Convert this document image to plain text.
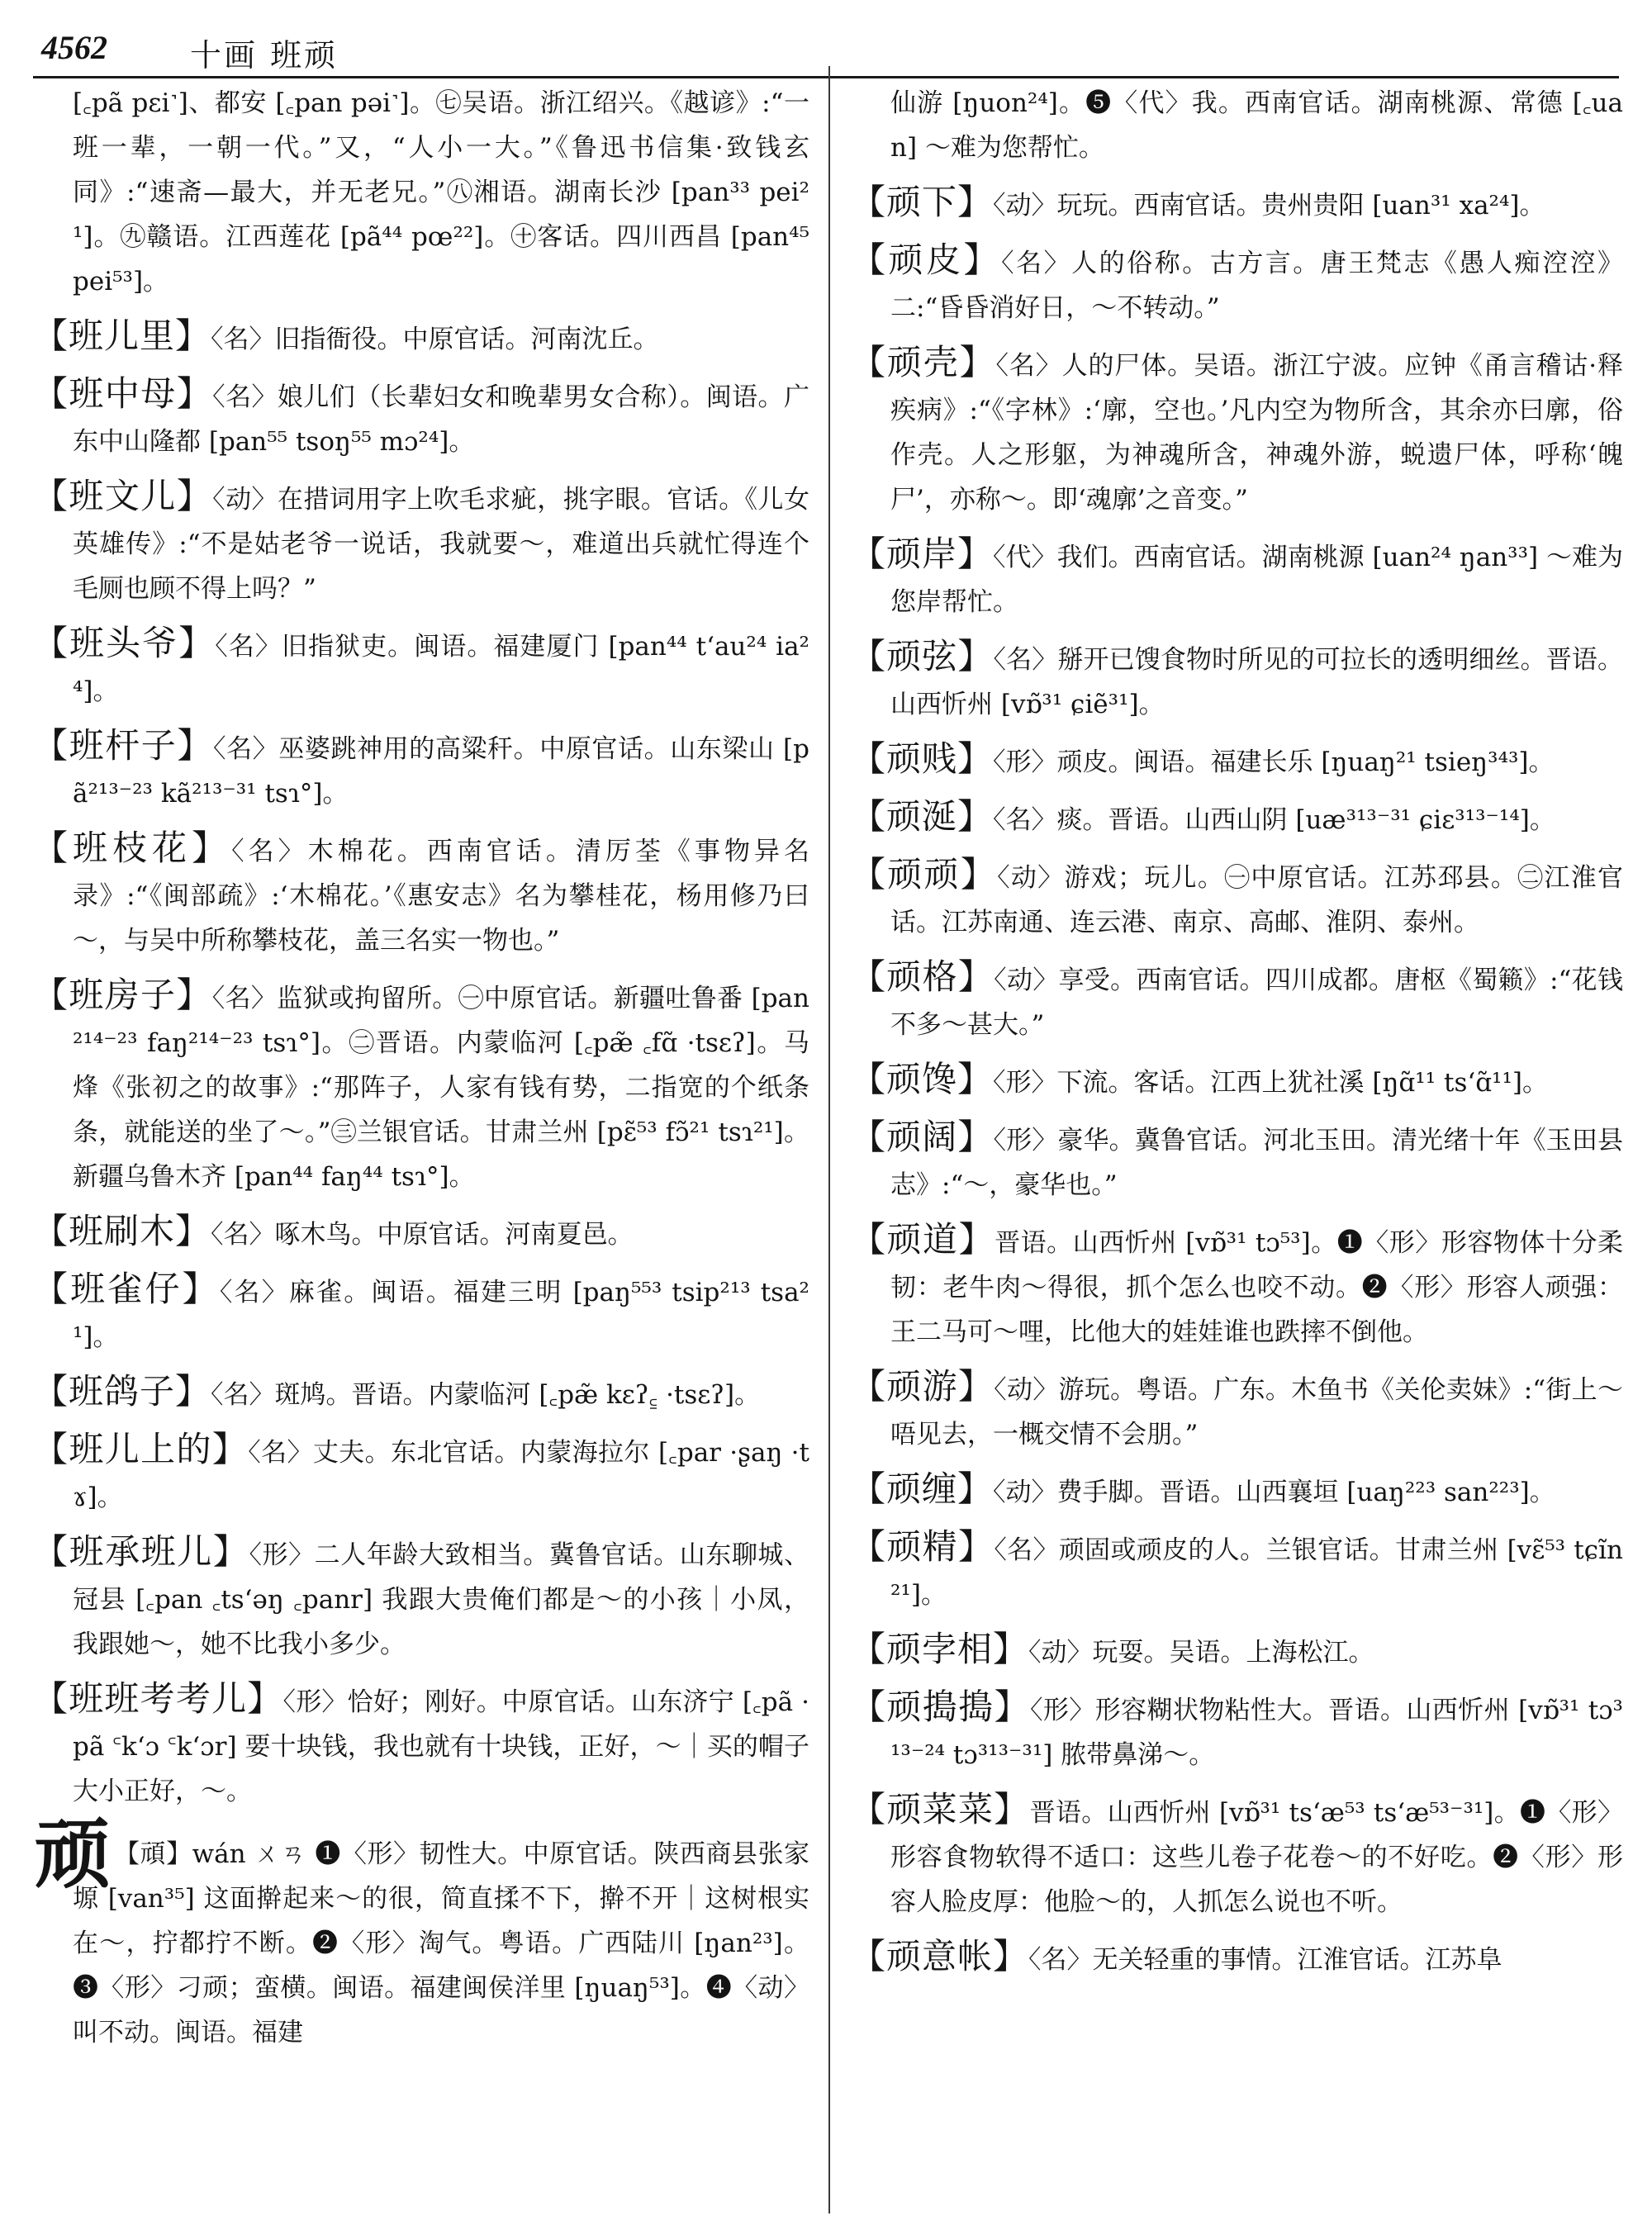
4562	十画 班顽
[꜀pã pɛi˺]、都安 [꜀pan pəi˺]。㊆吴语。浙江绍兴。《越谚》:“一班一辈，一朝一代。”又，“人小一大。”《鲁迅书信集·致钱玄同》:“速斋—最大，并无老兄。”㊇湘语。湖南长沙 [pan³³ pei²¹]。㊈赣语。江西莲花 [pã⁴⁴ pœ²²]。㊉客话。四川西昌 [pan⁴⁵ pei⁵³]。
【班儿里】〈名〉旧指衙役。中原官话。河南沈丘。
【班中母】〈名〉娘儿们（长辈妇女和晚辈男女合称）。闽语。广东中山隆都 [pan⁵⁵ tsoŋ⁵⁵ mɔ²⁴]。
【班文儿】〈动〉在措词用字上吹毛求疵，挑字眼。官话。《儿女英雄传》:“不是姑老爷一说话，我就要～，难道出兵就忙得连个毛厕也顾不得上吗？”
【班头爷】〈名〉旧指狱吏。闽语。福建厦门 [pan⁴⁴ tʻau²⁴ ia²⁴]。
【班杆子】〈名〉巫婆跳神用的高粱秆。中原官话。山东梁山 [pã²¹³⁻²³ kã²¹³⁻³¹ tsɿ°]。
【班枝花】〈名〉木棉花。西南官话。清厉荃《事物异名录》:“《闽部疏》:‘木棉花。’《惠安志》名为攀桂花，杨用修乃曰～，与吴中所称攀枝花，盖三名实一物也。”
【班房子】〈名〉监狱或拘留所。㊀中原官话。新疆吐鲁番 [pan²¹⁴⁻²³ faŋ²¹⁴⁻²³ tsɿ°]。㊁晋语。内蒙临河 [꜀pæ̃ ꜀fɑ̃ ·tsɛʔ]。马烽《张初之的故事》:“那阵子，人家有钱有势，二指宽的个纸条条，就能送的坐了～。”㊂兰银官话。甘肃兰州 [pɛ̃⁵³ fɔ̃²¹ tsɿ²¹]。新疆乌鲁木齐 [pan⁴⁴ faŋ⁴⁴ tsɿ°]。
【班刷木】〈名〉啄木鸟。中原官话。河南夏邑。
【班雀仔】〈名〉麻雀。闽语。福建三明 [paŋ⁵⁵³ tsip²¹³ tsa²¹]。
【班鸽子】〈名〉斑鸠。晋语。内蒙临河 [꜀pæ̃ kɛʔ꜁ ·tsɛʔ]。
【班儿上的】〈名〉丈夫。东北官话。内蒙海拉尔 [꜀par ·ʂaŋ ·tɤ]。
【班承班儿】〈形〉二人年龄大致相当。冀鲁官话。山东聊城、冠县 [꜀pan ꜀tsʻəŋ ꜀panr] 我跟大贵俺们都是～的小孩｜小凤，我跟她～，她不比我小多少。
【班班考考儿】〈形〉恰好；刚好。中原官话。山东济宁 [꜀pã ·pã ꜂kʻɔ ꜂kʻɔr] 要十块钱，我也就有十块钱，正好，～｜买的帽子大小正好，～。
顽 【頑】wán ㄨㄢ ❶〈形〉韧性大。中原官话。陕西商县张家塬 [van³⁵] 这面擀起来～的很，简直揉不下，擀不开｜这树根实在～，拧都拧不断。❷〈形〉淘气。粤语。广西陆川 [ŋan²³]。❸〈形〉刁顽；蛮横。闽语。福建闽侯洋里 [ŋuaŋ⁵³]。❹〈动〉叫不动。闽语。福建
仙游 [ŋuon²⁴]。❺〈代〉我。西南官话。湖南桃源、常德 [꜀uan] ～难为您帮忙。
【顽下】〈动〉玩玩。西南官话。贵州贵阳 [uan³¹ xa²⁴]。
【顽皮】〈名〉人的俗称。古方言。唐王梵志《愚人痴涳涳》二:“昏昏消好日，～不转动。”
【顽壳】〈名〉人的尸体。吴语。浙江宁波。应钟《甬言稽诂·释疾病》:“《字林》:‘廓，空也。’凡内空为物所含，其余亦曰廓，俗作壳。人之形躯，为神魂所含，神魂外游，蜕遗尸体，呼称‘魄尸’，亦称～。即‘魂廓’之音变。”
【顽岸】〈代〉我们。西南官话。湖南桃源 [uan²⁴ ŋan³³] ～难为您岸帮忙。
【顽弦】〈名〉掰开已馊食物时所见的可拉长的透明细丝。晋语。山西忻州 [vɒ̃³¹ ɕiẽ³¹]。
【顽贱】〈形〉顽皮。闽语。福建长乐 [ŋuaŋ²¹ tsieŋ³⁴³]。
【顽涎】〈名〉痰。晋语。山西山阴 [uæ³¹³⁻³¹ ɕiɛ³¹³⁻¹⁴]。
【顽顽】〈动〉游戏；玩儿。㊀中原官话。江苏邳县。㊁江淮官话。江苏南通、连云港、南京、高邮、淮阴、泰州。
【顽格】〈动〉享受。西南官话。四川成都。唐枢《蜀籁》:“花钱不多～甚大。”
【顽馋】〈形〉下流。客话。江西上犹社溪 [ŋɑ̃¹¹ tsʻɑ̃¹¹]。
【顽阔】〈形〉豪华。冀鲁官话。河北玉田。清光绪十年《玉田县志》:“～，豪华也。”
【顽道】晋语。山西忻州 [vɒ̃³¹ tɔ⁵³]。❶〈形〉形容物体十分柔韧：老牛肉～得很，抓个怎么也咬不动。❷〈形〉形容人顽强：王二马可～哩，比他大的娃娃谁也跌摔不倒他。
【顽游】〈动〉游玩。粤语。广东。木鱼书《关伦卖妹》:“街上～唔见去，一概交情不会朋。”
【顽缠】〈动〉费手脚。晋语。山西襄垣 [uaŋ²²³ san²²³]。
【顽精】〈名〉顽固或顽皮的人。兰银官话。甘肃兰州 [vɛ̃⁵³ tɕĩn²¹]。
【顽孛相】〈动〉玩耍。吴语。上海松江。
【顽搗搗】〈形〉形容糊状物粘性大。晋语。山西忻州 [vɒ̃³¹ tɔ³¹³⁻²⁴ tɔ³¹³⁻³¹] 脓带鼻涕～。
【顽菜菜】晋语。山西忻州 [vɒ̃³¹ tsʻæ⁵³ tsʻæ⁵³⁻³¹]。❶〈形〉形容食物软得不适口：这些儿卷子花卷～的不好吃。❷〈形〉形容人脸皮厚：他脸～的，人抓怎么说也不听。
【顽意帐】〈名〉无关轻重的事情。江淮官话。江苏阜
